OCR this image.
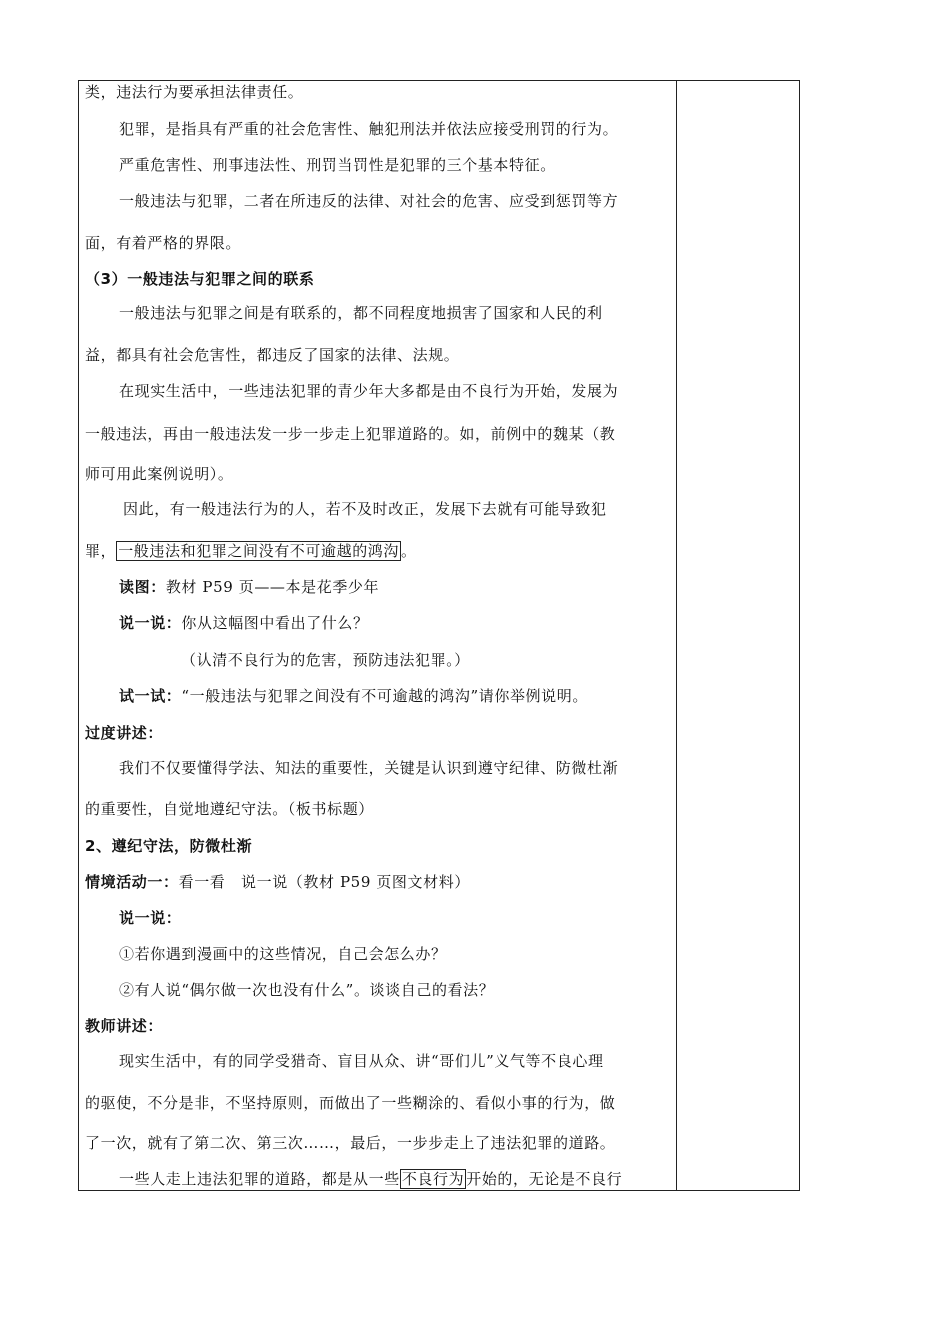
类，违法行为要承担法律责任。
犯罪，是指具有严重的社会危害性、触犯刑法并依法应接受刑罚的行为。
严重危害性、刑事违法性、刑罚当罚性是犯罪的三个基本特征。
一般违法与犯罪，二者在所违反的法律、对社会的危害、应受到惩罚等方
面，有着严格的界限。
（3）一般违法与犯罪之间的联系
一般违法与犯罪之间是有联系的，都不同程度地损害了国家和人民的利
益，都具有社会危害性，都违反了国家的法律、法规。
在现实生活中，一些违法犯罪的青少年大多都是由不良行为开始，发展为
一般违法，再由一般违法发一步一步走上犯罪道路的。如，前例中的魏某（教
师可用此案例说明）。
因此，有一般违法行为的人，若不及时改正，发展下去就有可能导致犯
罪， 一般违法和犯罪之间没有不可逾越的鸿沟 。
读图：教材 P59 页——本是花季少年
说一说：你从这幅图中看出了什么？
（认清不良行为的危害，预防违法犯罪。）
试一试：“一般违法与犯罪之间没有不可逾越的鸿沟”请你举例说明。
过度讲述：
我们不仅要懂得学法、知法的重要性，关键是认识到遵守纪律、防微杜渐
的重要性，自觉地遵纪守法。（板书标题）
2、遵纪守法，防微杜渐
情境活动一：看一看　说一说（教材 P59 页图文材料）
说一说：
①若你遇到漫画中的这些情况，自己会怎么办？
②有人说“偶尔做一次也没有什么”。谈谈自己的看法？
教师讲述：
现实生活中，有的同学受猎奇、盲目从众、讲“哥们儿”义气等不良心理
的驱使，不分是非，不坚持原则，而做出了一些糊涂的、看似小事的行为，做
了一次，就有了第二次、第三次……，最后，一步步走上了违法犯罪的道路。
一些人走上违法犯罪的道路，都是从一些 不良行为 开始的，无论是不良行
